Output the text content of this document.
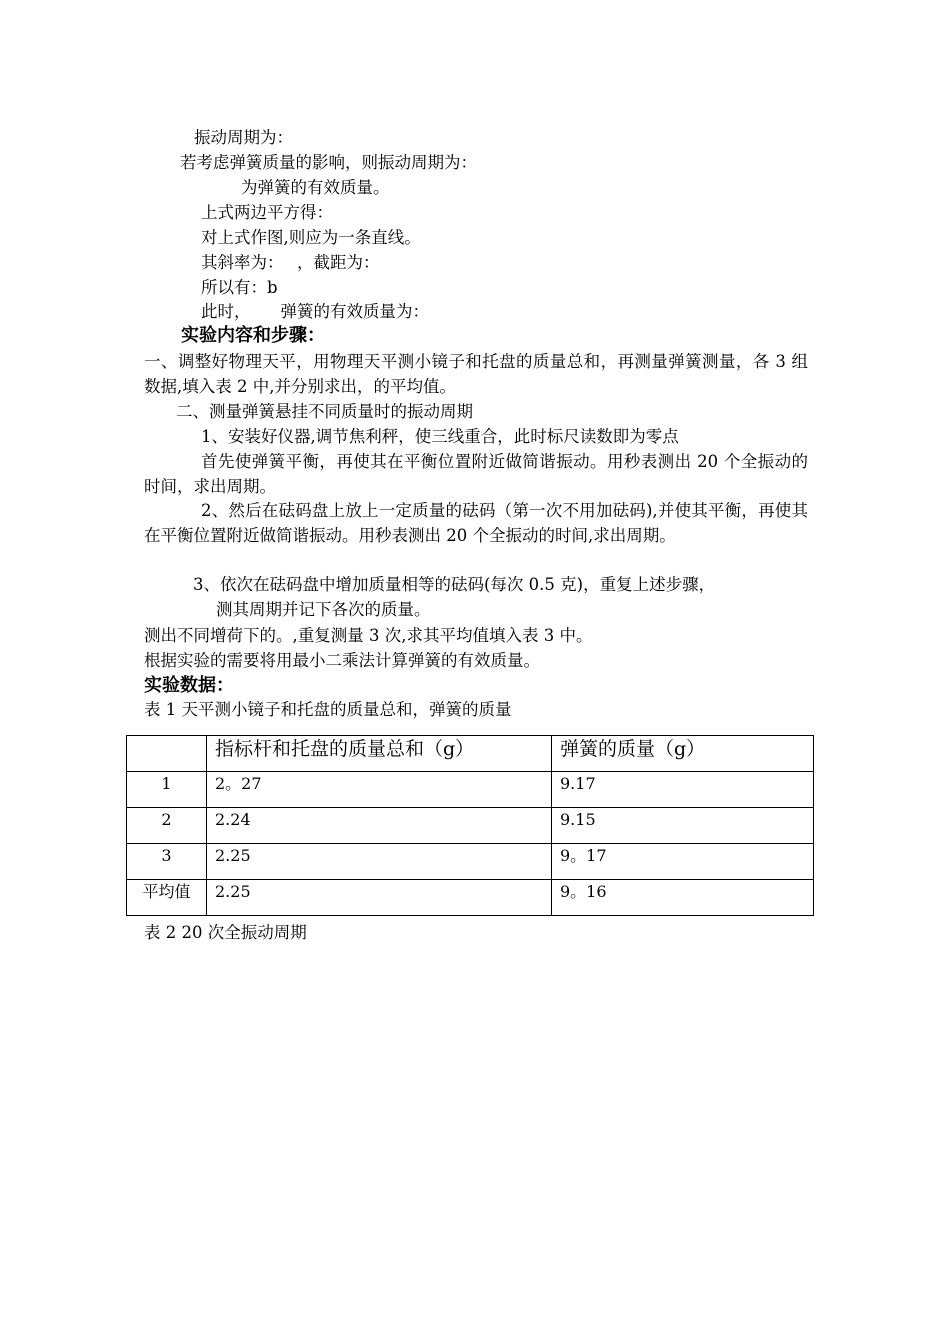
振动周期为：
若考虑弹簧质量的影响，则振动周期为：
为弹簧的有效质量。
上式两边平方得：
对上式作图,则应为一条直线。
其斜率为：　 ，截距为：
所以有：b
此时，　　 弹簧的有效质量为：
实验内容和步骤：
一、调整好物理天平，用物理天平测小镜子和托盘的质量总和，再测量弹簧测量，各 3 组数据,填入表 2 中,并分别求出，的平均值。
二、测量弹簧悬挂不同质量时的振动周期
1、安装好仪器,调节焦利秤，使三线重合，此时标尺读数即为零点
首先使弹簧平衡，再使其在平衡位置附近做简谐振动。用秒表测出 20 个全振动的时间，求出周期。
2、然后在砝码盘上放上一定质量的砝码（第一次不用加砝码),并使其平衡，再使其在平衡位置附近做简谐振动。用秒表测出 20 个全振动的时间,求出周期。
3、依次在砝码盘中增加质量相等的砝码(每次 0.5 克)，重复上述步骤，
测其周期并记下各次的质量。
测出不同增荷下的。,重复测量 3 次,求其平均值填入表 3 中。
根据实验的需要将用最小二乘法计算弹簧的有效质量。
实验数据：
表 1 天平测小镜子和托盘的质量总和，弹簧的质量
	指标杆和托盘的质量总和（g）	弹簧的质量（g）
1	2。27	9.17
2	2.24	9.15
3	2.25	9。17
平均值	2.25	9。16
表 2 20 次全振动周期
